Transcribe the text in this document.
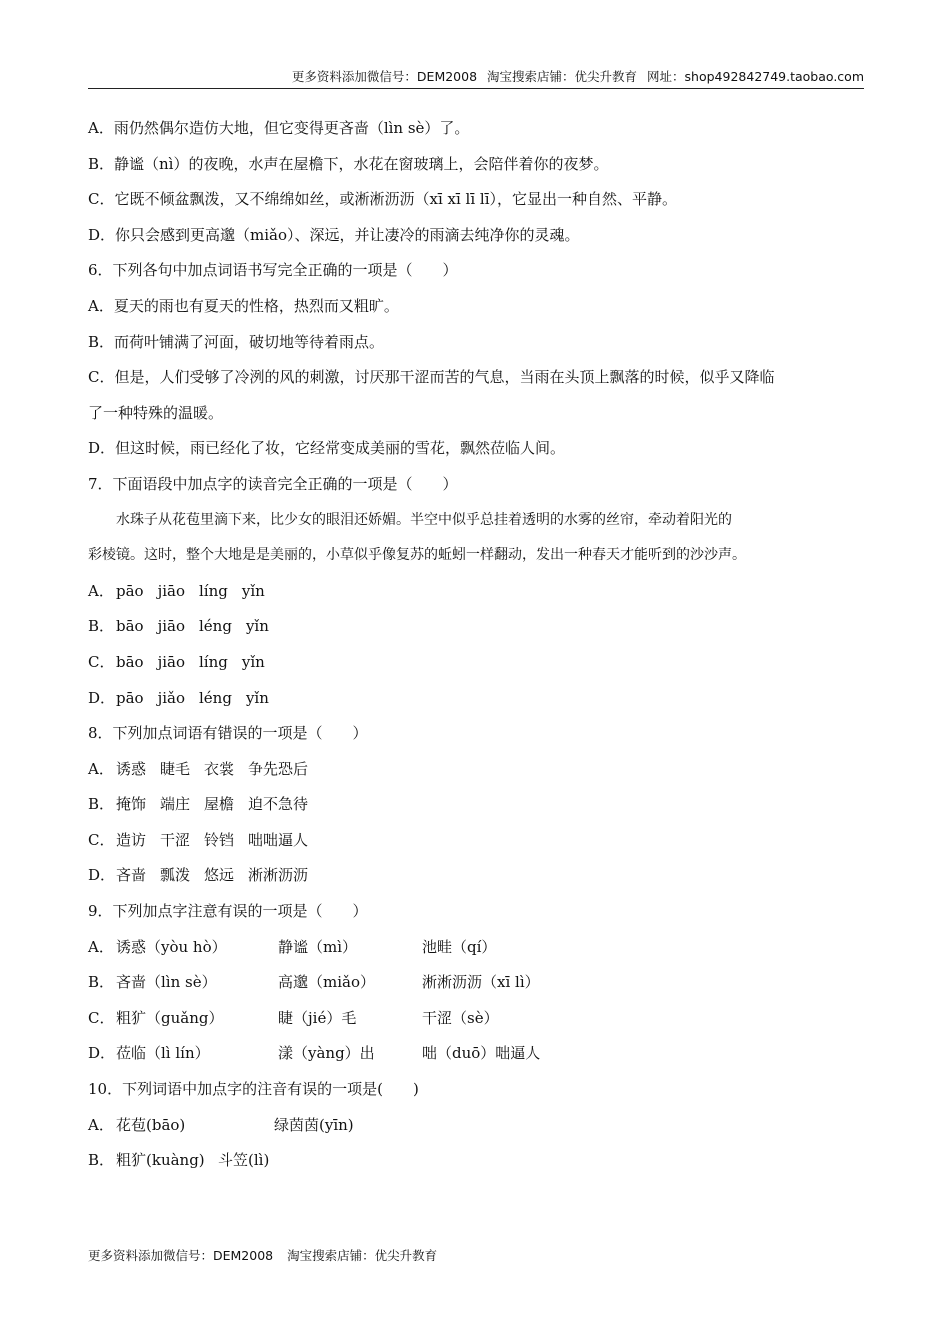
更多资料添加微信号：DEM2008 淘宝搜索店铺：优尖升教育 网址：shop492842749.taobao.com
A．雨仍然偶尔造仿大地，但它变得更吝啬（lìn sè）了。
B．静谧（nì）的夜晚，水声在屋檐下，水花在窗玻璃上，会陪伴着你的夜梦。
C．它既不倾盆飘泼，又不绵绵如丝，或淅淅沥沥（xī xī lī lī），它显出一种自然、平静。
D．你只会感到更高邈（miǎo）、深远，并让凄冷的雨滴去纯净你的灵魂。
6．下列各句中加点词语书写完全正确的一项是（　　）
A．夏天的雨也有夏天的性格，热烈而又粗旷。
B．而荷叶铺满了河面，破切地等待着雨点。
C．但是，人们受够了冷洌的风的刺激，讨厌那干涩而苦的气息，当雨在头顶上飘落的时候，似乎又降临
了一种特殊的温暖。
D．但这时候，雨已经化了妆，它经常变成美丽的雪花，飘然莅临人间。
7．下面语段中加点字的读音完全正确的一项是（　　）
水珠子从花苞里滴下来，比少女的眼泪还娇媚。半空中似乎总挂着透明的水雾的丝帘，牵动着阳光的
彩棱镜。这时，整个大地是是美丽的，小草似乎像复苏的蚯蚓一样翻动，发出一种春天才能听到的沙沙声。
A． pāo jiāo líng yǐn
B． bāo jiāo léng yǐn
C． bāo jiāo líng yǐn
D．pāo jiǎo léng yǐn
8．下列加点词语有错误的一项是（　　）
A． 诱惑 睫毛 衣裳 争先恐后
B． 掩饰 端庄 屋檐 迫不急待
C． 造访 干涩 铃铛 咄咄逼人
D．吝啬 瓢泼 悠远 淅淅沥沥
9．下列加点字注意有误的一项是（　　）
A． 诱惑（yòu hò）	静谧（mì）	池畦（qí）
B． 吝啬（lìn sè）	高邈（miǎo）	淅淅沥沥（xī lì）
C． 粗犷（guǎng）	睫（jié）毛	干涩（sè）
D．莅临（lì lín）	漾（yàng）出	咄（duō）咄逼人
10．下列词语中加点字的注音有误的一项是(　　)
A． 花苞(bāo)	绿茵茵(yīn)
B． 粗犷(kuàng) 斗笠(lì)
更多资料添加微信号：DEM2008 淘宝搜索店铺：优尖升教育
